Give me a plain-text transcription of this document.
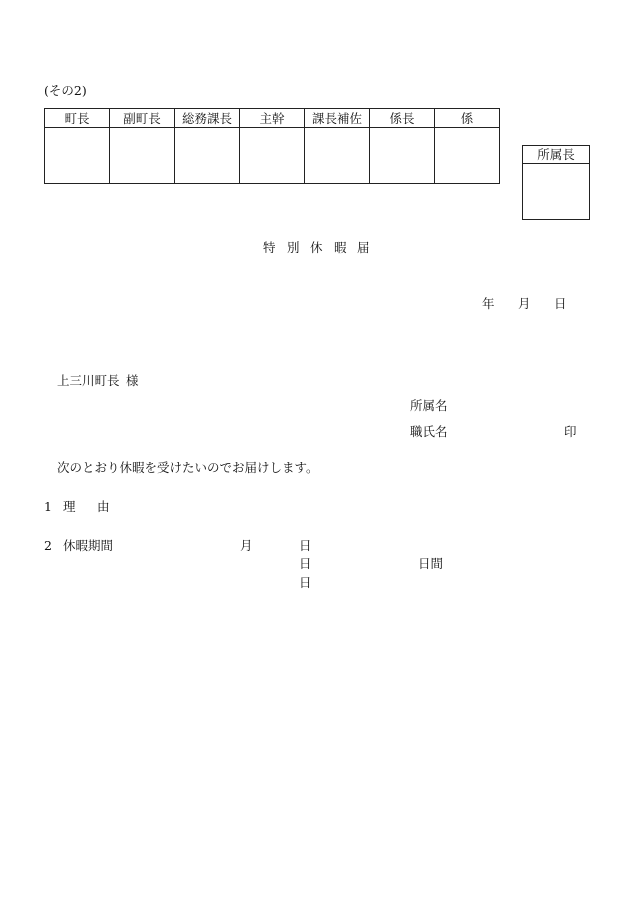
(その2)
町長	副町長	総務課長	主幹	課長補佐	係長	係

所属長
特 別 休 暇 届
年 月 日
上三川町長 様
所属名
職氏名	印
次のとおり休暇を受けたいのでお届けします。
1 理 由
2 休暇期間	月	日
日	日間
日
